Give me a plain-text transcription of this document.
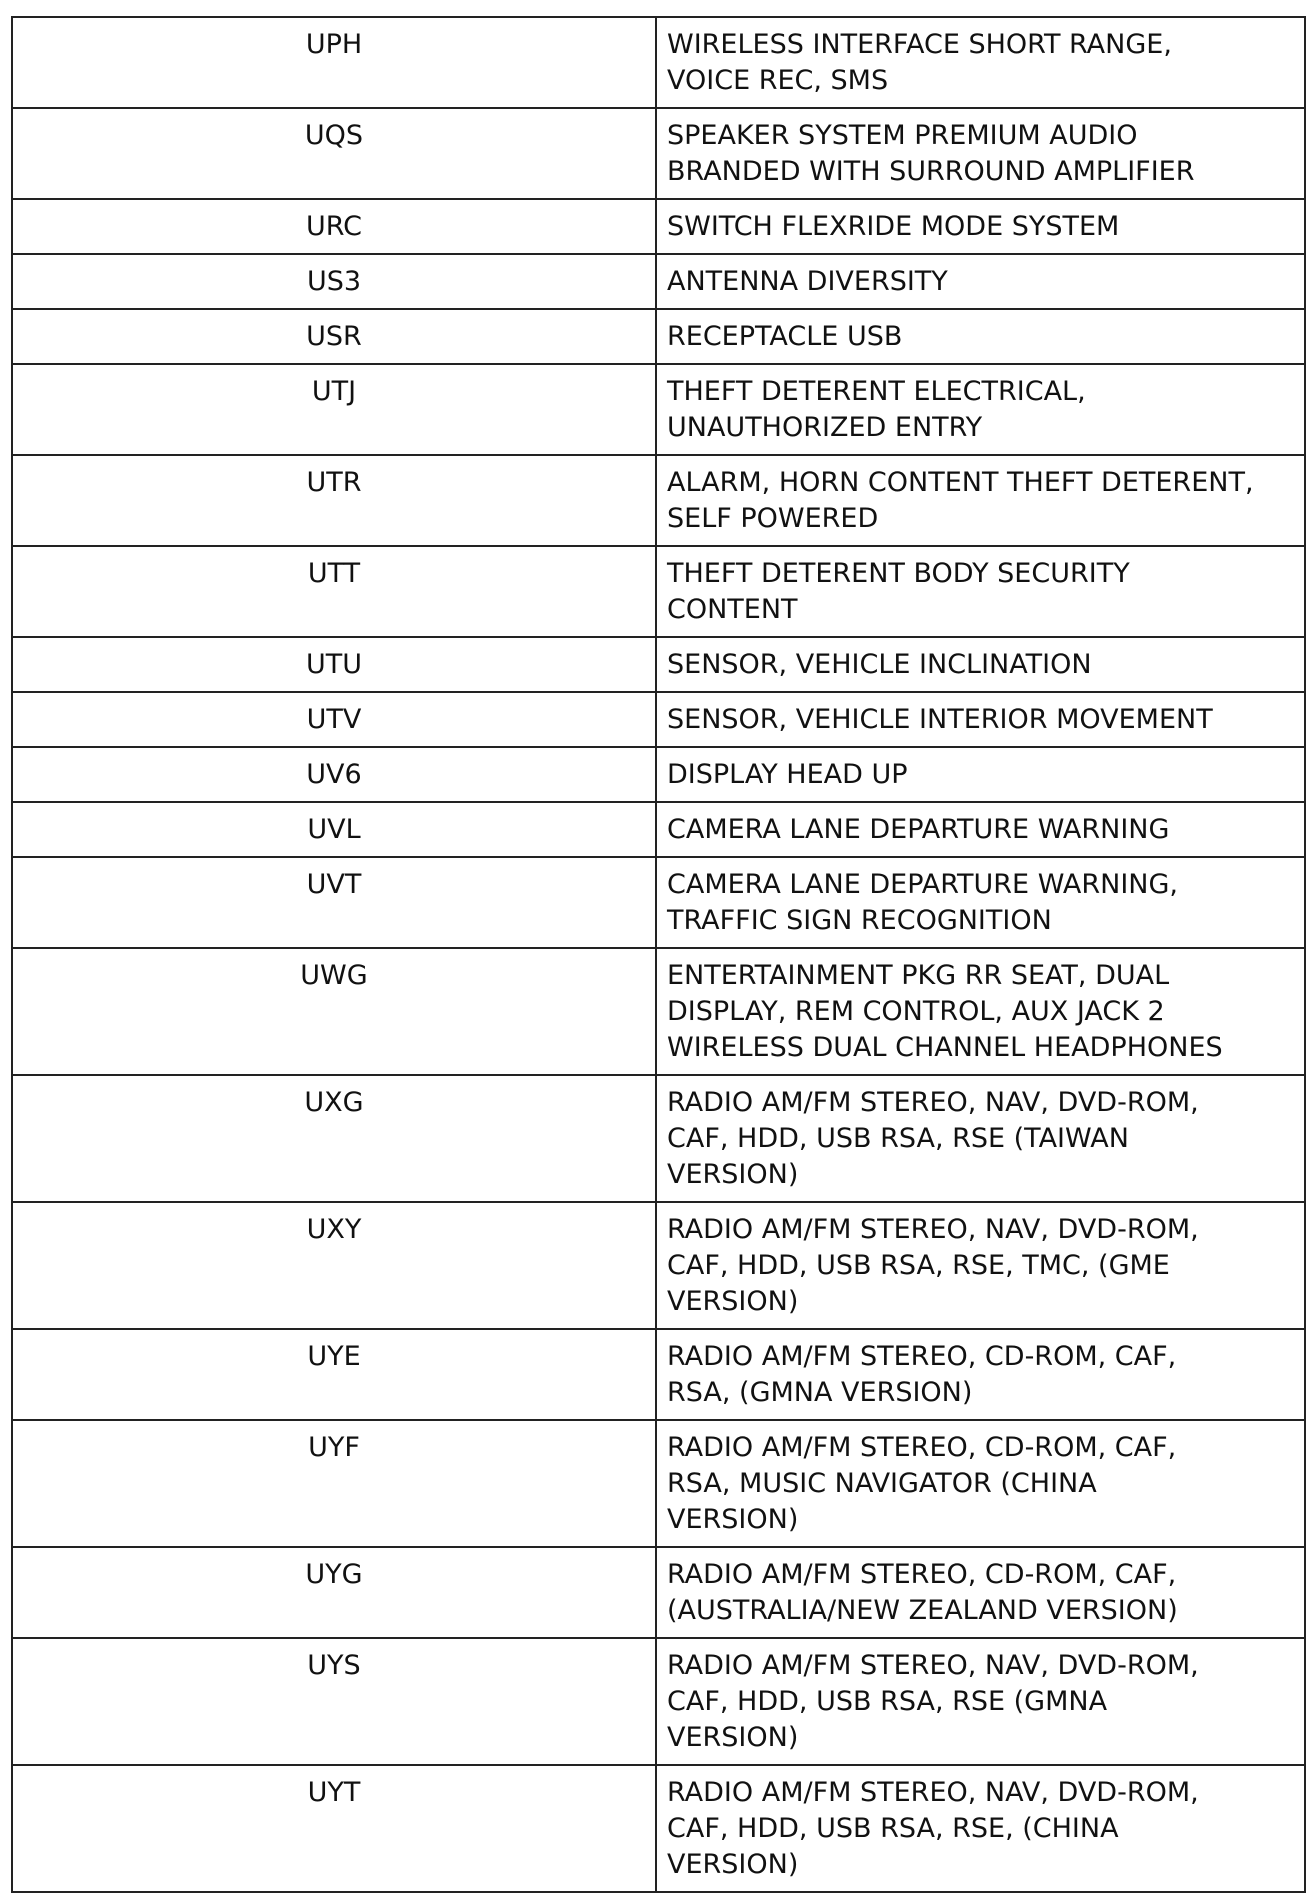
UPH	WIRELESS INTERFACE SHORT RANGE,
VOICE REC, SMS

UQS	SPEAKER SYSTEM PREMIUM AUDIO
BRANDED WITH SURROUND AMPLIFIER

URC	SWITCH FLEXRIDE MODE SYSTEM

US3	ANTENNA DIVERSITY

USR	RECEPTACLE USB

UTJ	THEFT DETERENT ELECTRICAL,
UNAUTHORIZED ENTRY

UTR	ALARM, HORN CONTENT THEFT DETERENT,
SELF POWERED

UTT	THEFT DETERENT BODY SECURITY
CONTENT

UTU	SENSOR, VEHICLE INCLINATION

UTV	SENSOR, VEHICLE INTERIOR MOVEMENT

UV6	DISPLAY HEAD UP

UVL	CAMERA LANE DEPARTURE WARNING

UVT	CAMERA LANE DEPARTURE WARNING,
TRAFFIC SIGN RECOGNITION

UWG	ENTERTAINMENT PKG RR SEAT, DUAL
DISPLAY, REM CONTROL, AUX JACK 2
WIRELESS DUAL CHANNEL HEADPHONES

UXG	RADIO AM/FM STEREO, NAV, DVD-ROM,
CAF, HDD, USB RSA, RSE (TAIWAN
VERSION)

UXY	RADIO AM/FM STEREO, NAV, DVD-ROM,
CAF, HDD, USB RSA, RSE, TMC, (GME
VERSION)

UYE	RADIO AM/FM STEREO, CD-ROM, CAF,
RSA, (GMNA VERSION)

UYF	RADIO AM/FM STEREO, CD-ROM, CAF,
RSA, MUSIC NAVIGATOR (CHINA
VERSION)

UYG	RADIO AM/FM STEREO, CD-ROM, CAF,
(AUSTRALIA/NEW ZEALAND VERSION)

UYS	RADIO AM/FM STEREO, NAV, DVD-ROM,
CAF, HDD, USB RSA, RSE (GMNA
VERSION)

UYT	RADIO AM/FM STEREO, NAV, DVD-ROM,
CAF, HDD, USB RSA, RSE, (CHINA
VERSION)
